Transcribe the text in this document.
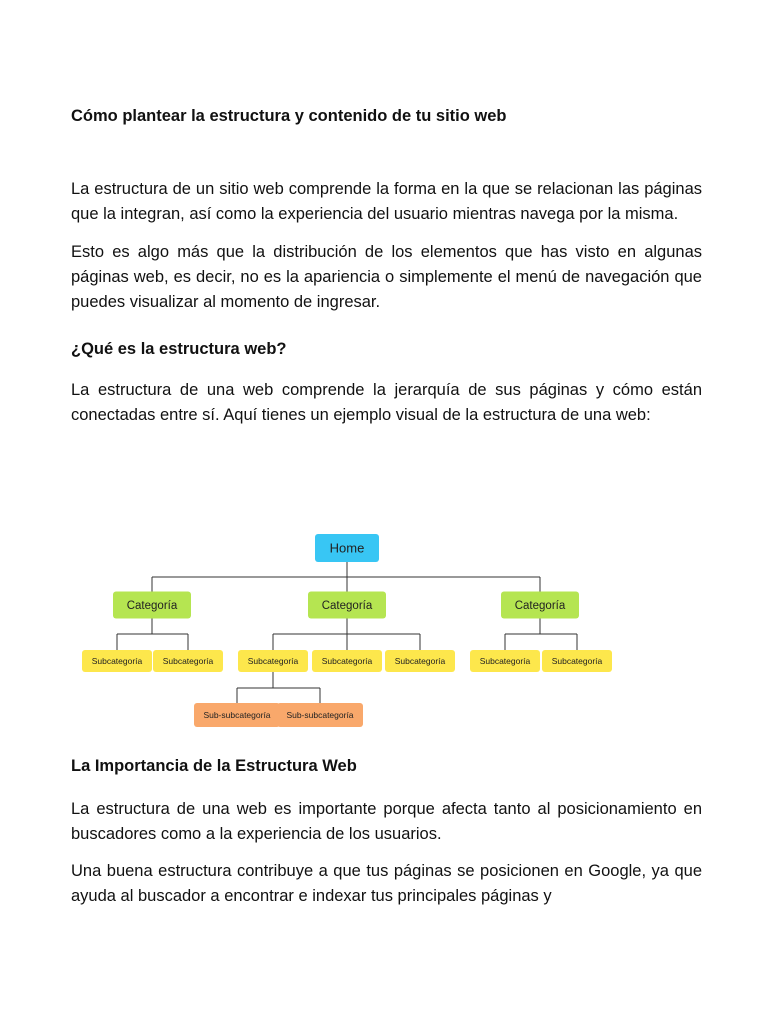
Cómo plantear la estructura y contenido de tu sitio web

La estructura de un sitio web comprende la forma en la que se relacionan las páginas que la integran, así como la experiencia del usuario mientras navega por la misma.

Esto es algo más que la distribución de los elementos que has visto en algunas páginas web, es decir, no es la apariencia o simplemente el menú de navegación que puedes visualizar al momento de ingresar.

¿Qué es la estructura web?

La estructura de una web comprende la jerarquía de sus páginas y cómo están conectadas entre sí. Aquí tienes un ejemplo visual de la estructura de una web:

Home
Categoría
Subcategoría Subcategoría
Categoría
Subcategoría
Sub-subcategoría Sub-subcategoría
Subcategoría	Subcategoría
Categoría
Subcategoría	Subcategoría
La Importancia de la Estructura Web

La estructura de una web es importante porque afecta tanto al posicionamiento en buscadores como a la experiencia de los usuarios.

Una buena estructura contribuye a que tus páginas se posicionen en Google, ya que ayuda al buscador a encontrar e indexar tus principales páginas y
